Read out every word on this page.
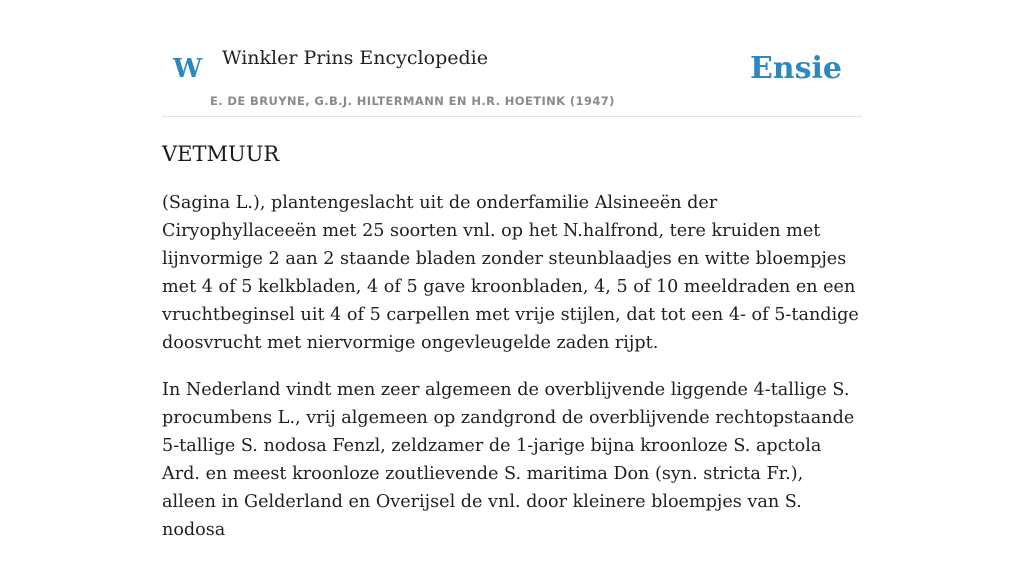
W Winkler Prins Encyclopedie
E. DE BRUYNE, G.B.J. HILTERMANN EN H.R. HOETINK (1947)
Ensie
VETMUUR

(Sagina L.), plantengeslacht uit de onderfamilie Alsineeën der Ciryophyllaceeën met 25 soorten vnl. op het N.halfrond, tere kruiden met lijnvormige 2 aan 2 staande bladen zonder steunblaadjes en witte bloempjes met 4 of 5 kelkbladen, 4 of 5 gave kroonbladen, 4, 5 of 10 meeldraden en een vruchtbeginsel uit 4 of 5 carpellen met vrije stijlen, dat tot een 4- of 5-tandige doosvrucht met niervormige ongevleugelde zaden rijpt.

In Nederland vindt men zeer algemeen de overblijvende liggende 4-tallige S. procumbens L., vrij algemeen op zandgrond de overblijvende rechtopstaande 5-tallige S. nodosa Fenzl, zeldzamer de 1-jarige bijna kroonloze S. apctola Ard. en meest kroonloze zoutlievende S. maritima Don (syn. stricta Fr.), alleen in Gelderland en Overijsel de vnl. door kleinere bloempjes van S. nodosa
